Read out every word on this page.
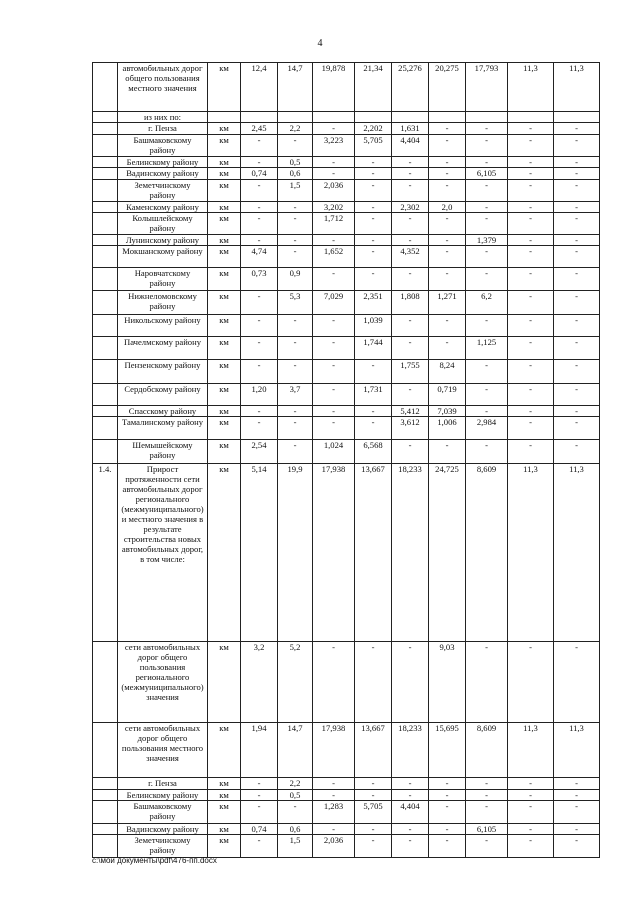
4
	автомобильных дорог общего пользования местного значения	км	12,4	14,7	19,878	21,34	25,276	20,275	17,793	11,3	11,3
	из них по:										
	г. Пенза	км	2,45	2,2	-	2,202	1,631	-	-	-	-
	Башмаковскому району	км	-	-	3,223	5,705	4,404	-	-	-	-
	Белинскому району	км	-	0,5	-	-	-	-	-	-	-
	Вадинскому району	км	0,74	0,6	-	-	-	-	6,105	-	-
	Земетчинскому району	км	-	1,5	2,036	-	-	-	-	-	-
	Каменскому району	км	-	-	3,202	-	2,302	2,0	-	-	-
	Колышлейскому району	км	-	-	1,712	-	-	-	-	-	-
	Лунинскому району	км	-	-	-	-	-	-	1,379	-	-
	Мокшанскому району	км	4,74	-	1,652	-	4,352	-	-	-	-
	Наровчатскому району	км	0,73	0,9	-	-	-	-	-	-	-
	Нижнеломовскому району	км	-	5,3	7,029	2,351	1,808	1,271	6,2	-	-
	Никольскому району	км	-	-	-	1,039	-	-	-	-	-
	Пачелмскому району	км	-	-	-	1,744	-	-	1,125	-	-
	Пензенскому району	км	-	-	-	-	1,755	8,24	-	-	-
	Сердобскому району	км	1,20	3,7	-	1,731	-	0,719	-	-	-
	Спасскому району	км	-	-	-	-	5,412	7,039	-	-	-
	Тамалинскому району	км	-	-	-	-	3,612	1,006	2,984	-	-
	Шемышейскому району	км	2,54	-	1,024	6,568	-	-	-	-	-
1.4.	Прирост протяженности сети автомобильных дорог регионального (межмуниципального) и местного значения в результате строительства новых автомобильных дорог, в том числе:	км	5,14	19,9	17,938	13,667	18,233	24,725	8,609	11,3	11,3
	сети автомобильных дорог общего пользования регионального (межмуниципального) значения	км	3,2	5,2	-	-	-	9,03	-	-	-
	сети автомобильных дорог общего пользования местного значения	км	1,94	14,7	17,938	13,667	18,233	15,695	8,609	11,3	11,3
	г. Пенза	км	-	2,2	-	-	-	-	-	-	-
	Белинскому району	км	-	0,5	-	-	-	-	-	-	-
	Башмаковскому району	км	-	-	1,283	5,705	4,404	-	-	-	-
	Вадинскому району	км	0,74	0,6	-	-	-	-	6,105	-	-
	Земетчинскому району	км	-	1,5	2,036	-	-	-	-	-	-
c:\мои документы\pdf\476-пп.docx
